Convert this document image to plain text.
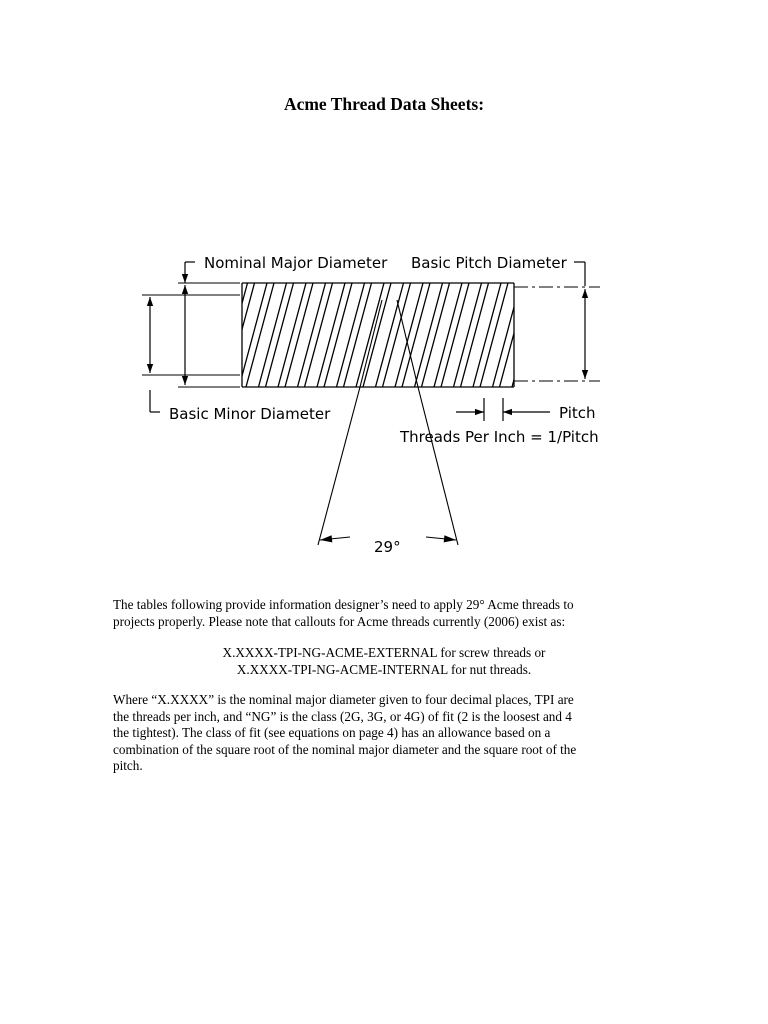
Acme Thread Data Sheets:
Nominal Major Diameter
Basic Minor Diameter
Basic Pitch Diameter
Pitch
Threads Per Inch = 1/Pitch
29°

The tables following provide information designer’s need to apply 29° Acme threads to

projects properly. Please note that callouts for Acme threads currently (2006) exist as:

X.XXXX-TPI-NG-ACME-EXTERNAL for screw threads or
X.XXXX-TPI-NG-ACME-INTERNAL for nut threads.

Where “X.XXXX” is the nominal major diameter given to four decimal places, TPI are

the threads per inch, and “NG” is the class (2G, 3G, or 4G) of fit (2 is the loosest and 4

the tightest). The class of fit (see equations on page 4) has an allowance based on a

combination of the square root of the nominal major diameter and the square root of the

pitch.
